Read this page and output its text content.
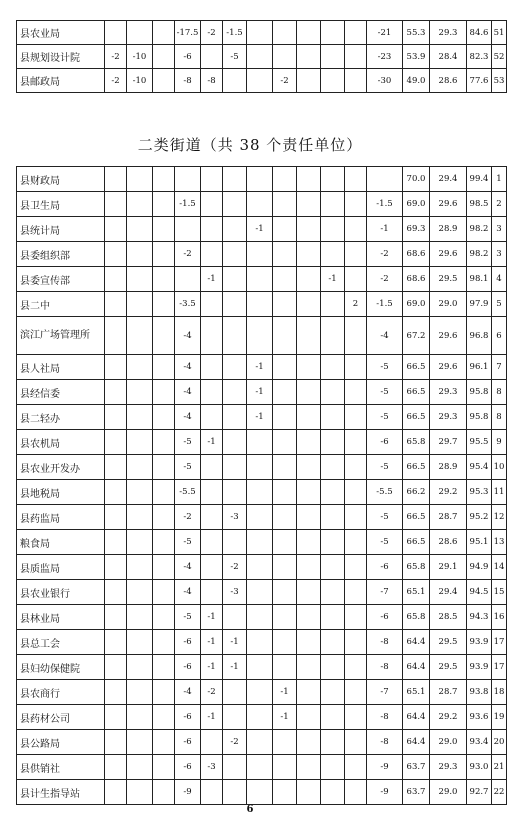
县农业局				-17.5	-2	-1.5						-21	55.3	29.3	84.6	51
县规划设计院	-2	-10		-6		-5						-23	53.9	28.4	82.3	52
县邮政局	-2	-10		-8	-8			-2				-30	49.0	28.6	77.6	53
二类街道（共 38 个责任单位）
县财政局													70.0	29.4	99.4	1
县卫生局				-1.5								-1.5	69.0	29.6	98.5	2
县统计局							-1					-1	69.3	28.9	98.2	3
县委组织部				-2								-2	68.6	29.6	98.2	3
县委宣传部					-1					-1		-2	68.6	29.5	98.1	4
县二中				-3.5							2	-1.5	69.0	29.0	97.9	5
滨江广场管理所				-4								-4	67.2	29.6	96.8	6
县人社局				-4			-1					-5	66.5	29.6	96.1	7
县经信委				-4			-1					-5	66.5	29.3	95.8	8
县二轻办				-4			-1					-5	66.5	29.3	95.8	8
县农机局				-5	-1							-6	65.8	29.7	95.5	9
县农业开发办				-5								-5	66.5	28.9	95.4	10
县地税局				-5.5								-5.5	66.2	29.2	95.3	11
县药监局				-2		-3						-5	66.5	28.7	95.2	12
粮食局				-5								-5	66.5	28.6	95.1	13
县质监局				-4		-2						-6	65.8	29.1	94.9	14
县农业银行				-4		-3						-7	65.1	29.4	94.5	15
县林业局				-5	-1							-6	65.8	28.5	94.3	16
县总工会				-6	-1	-1						-8	64.4	29.5	93.9	17
县妇幼保健院				-6	-1	-1						-8	64.4	29.5	93.9	17
县农商行				-4	-2			-1				-7	65.1	28.7	93.8	18
县药材公司				-6	-1			-1				-8	64.4	29.2	93.6	19
县公路局				-6		-2						-8	64.4	29.0	93.4	20
县供销社				-6	-3							-9	63.7	29.3	93.0	21
县计生指导站				-9								-9	63.7	29.0	92.7	22
6
